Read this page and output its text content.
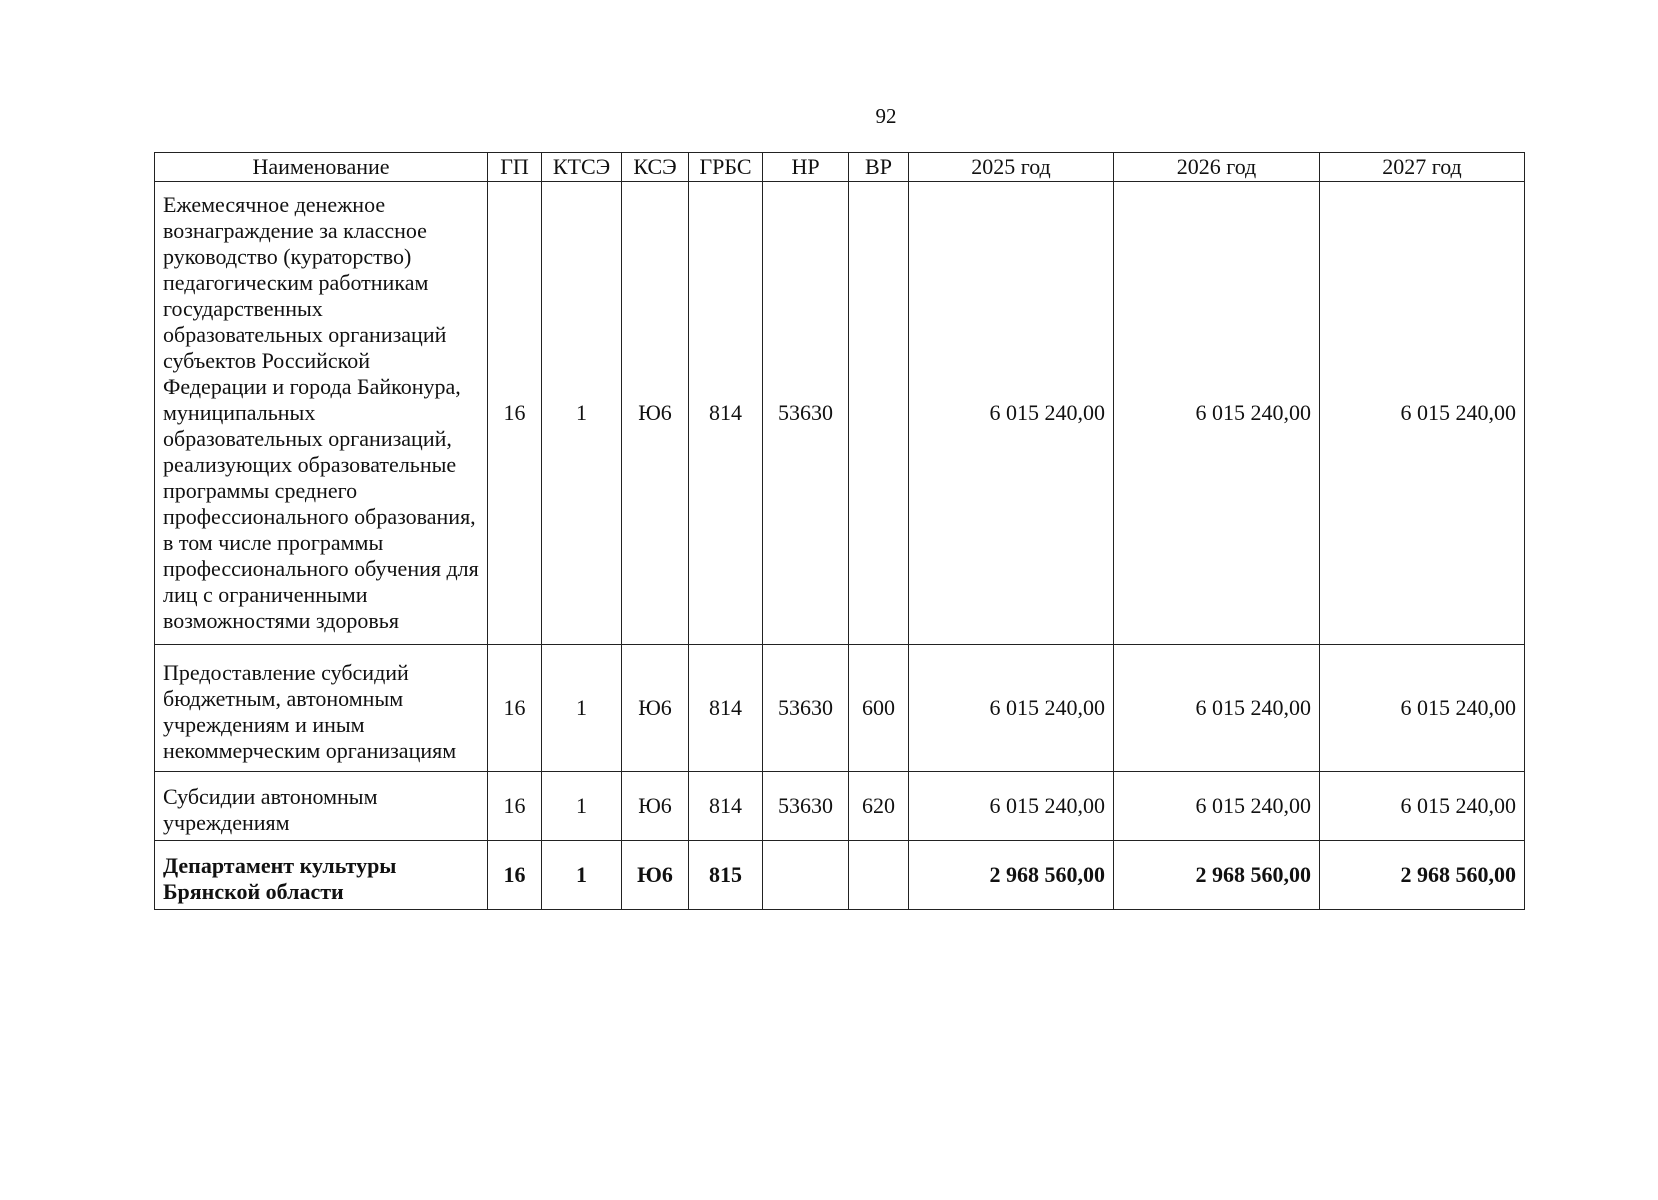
92
Наименование	ГП	КТСЭ	КСЭ	ГРБС	НР	ВР	2025 год	2026 год	2027 год
Ежемесячное денежное вознаграждение за классное руководство (кураторство) педагогическим работникам государственных образовательных организаций субъектов Российской Федерации и города Байконура, муниципальных образовательных организаций, реализующих образовательные программы среднего профессионального образования, в том числе программы профессионального обучения для лиц с ограниченными возможностями здоровья	16	1	Ю6	814	53630		6 015 240,00	6 015 240,00	6 015 240,00
Предоставление субсидий бюджетным, автономным учреждениям и иным некоммерческим организациям	16	1	Ю6	814	53630	600	6 015 240,00	6 015 240,00	6 015 240,00
Субсидии автономным учреждениям	16	1	Ю6	814	53630	620	6 015 240,00	6 015 240,00	6 015 240,00
Департамент культуры Брянской области	16	1	Ю6	815			2 968 560,00	2 968 560,00	2 968 560,00
